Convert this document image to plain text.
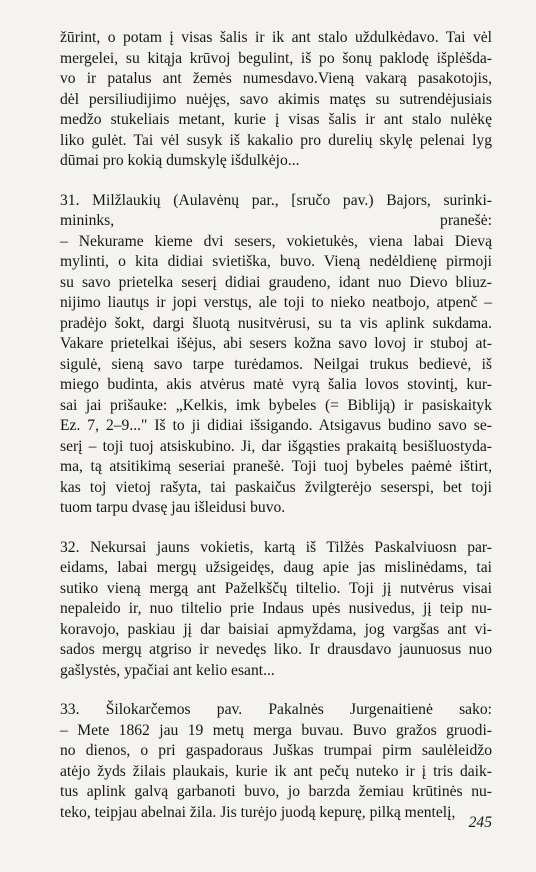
žūrint, o potam į visas šalis ir ik ant stalo uždulkėdavo. Tai vėl
mergelei, su kitąja krūvoj begulint, iš po šonų paklodę išplėšda-
vo ir patalus ant žemės numesdavo.Vieną vakarą pasakotojis,
dėl persiliudijimo nuėjęs, savo akimis matęs su sutrendėjusiais
medžo stukeliais metant, kurie į visas šalis ir ant stalo nulėkę
liko gulėt. Tai vėl susyk iš kakalio pro durelių skylę pelenai lyg
dūmai pro kokią dumskylę išdulkėjo...

31. Milžlaukių (Aulavėnų par., [sručo pav.) Bajors, surinki-
mininks, pranešė:
– Nekurame kieme dvi sesers, vokietukės, viena labai Dievą
mylinti, o kita didiai svietiška, buvo. Vieną nedėldienę pirmoji
su savo prietelka seserį didiai graudeno, idant nuo Dievo bliuz-
nijimo liautųs ir jopi verstųs, ale toji to nieko neatbojo, atpenč –
pradėjo šokt, dargi šluotą nusitvėrusi, su ta vis aplink sukdama.
Vakare prietelkai išėjus, abi sesers kožna savo lovoj ir stuboj at-
sigulė, sieną savo tarpe turėdamos. Neilgai trukus bedievė, iš
miego budinta, akis atvėrus matė vyrą šalia lovos stovintį, kur-
sai jai prišauke: „Kelkis, imk bybeles (= Bibliją) ir pasiskaityk
Ez. 7, 2–9..." Iš to ji didiai išsigando. Atsigavus budino savo se-
serį – toji tuoj atsiskubino. Ji, dar išgąsties prakaitą besišluostyda-
ma, tą atsitikimą seseriai pranešė. Toji tuoj bybeles paėmė ištirt,
kas toj vietoj rašyta, tai paskaičus žvilgterėjo seserspi, bet toji
tuom tarpu dvasę jau išleidusi buvo.

32. Nekursai jauns vokietis, kartą iš Tilžės Paskalviuosn par-
eidams, labai mergų užsigeidęs, daug apie jas mislinėdams, tai
sutiko vieną mergą ant Paželkščų tiltelio. Toji jį nutvėrus visai
nepaleido ir, nuo tiltelio prie Indaus upės nusivedus, jį teip nu-
koravojo, paskiau jį dar baisiai apmyždama, jog vargšas ant vi-
sados mergų atgriso ir nevedęs liko. Ir drausdavo jaunuosus nuo
gašlystės, ypačiai ant kelio esant...

33. Šilokarčemos pav. Pakalnės Jurgenaitienė sako:
– Mete 1862 jau 19 metų merga buvau. Buvo gražos gruodi-
no dienos, o pri gaspadoraus Juškas trumpai pirm saulėleidžo
atėjo žyds žilais plaukais, kurie ik ant pečų nuteko ir į tris daik-
tus aplink galvą garbanoti buvo, jo barzda žemiau krūtinės nu-
teko, teipjau abelnai žila. Jis turėjo juodą kepurę, pilką mentelį,

245
